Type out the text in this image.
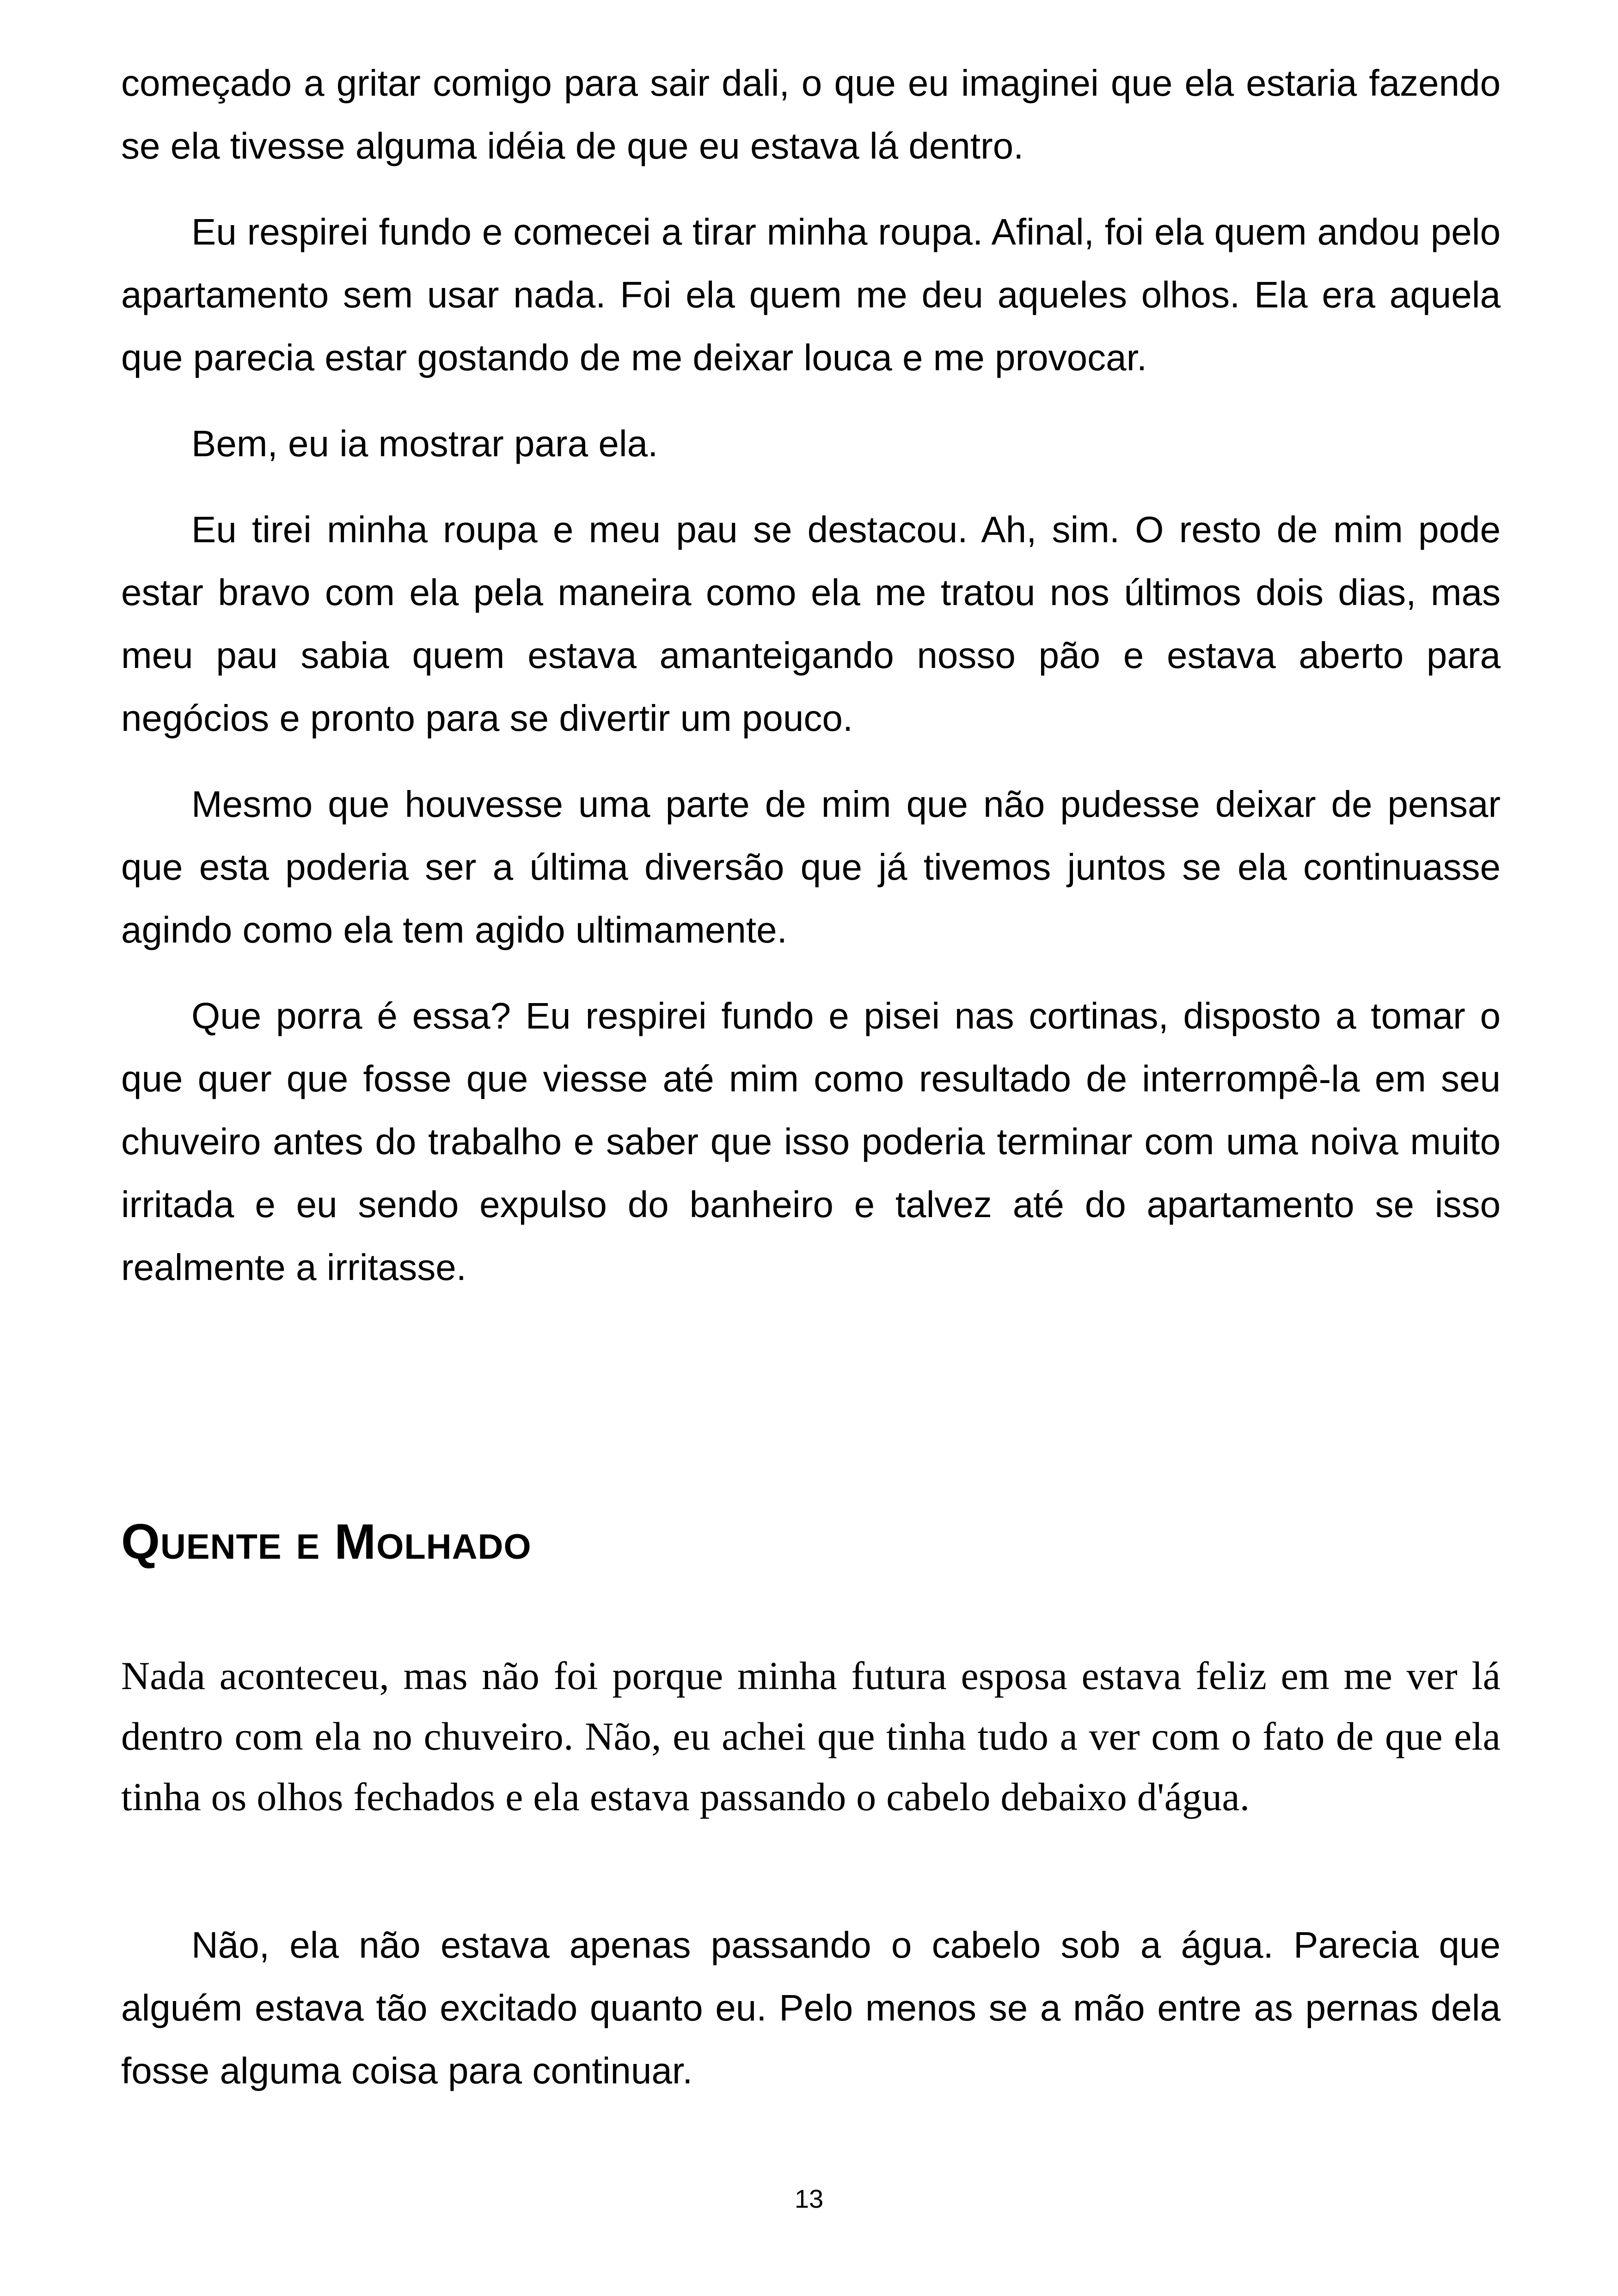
começado a gritar comigo para sair dali, o que eu imaginei que ela estaria fazendo se ela tivesse alguma idéia de que eu estava lá dentro.

Eu respirei fundo e comecei a tirar minha roupa. Afinal, foi ela quem andou pelo apartamento sem usar nada. Foi ela quem me deu aqueles olhos. Ela era aquela que parecia estar gostando de me deixar louca e me provocar.

Bem, eu ia mostrar para ela.

Eu tirei minha roupa e meu pau se destacou. Ah, sim. O resto de mim pode estar bravo com ela pela maneira como ela me tratou nos últimos dois dias, mas meu pau sabia quem estava amanteigando nosso pão e estava aberto para negócios e pronto para se divertir um pouco.

Mesmo que houvesse uma parte de mim que não pudesse deixar de pensar que esta poderia ser a última diversão que já tivemos juntos se ela continuasse agindo como ela tem agido ultimamente.

Que porra é essa? Eu respirei fundo e pisei nas cortinas, disposto a tomar o que quer que fosse que viesse até mim como resultado de interrompê-la em seu chuveiro antes do trabalho e saber que isso poderia terminar com uma noiva muito irritada e eu sendo expulso do banheiro e talvez até do apartamento se isso realmente a irritasse.

Quente e Molhado

Nada aconteceu, mas não foi porque minha futura esposa estava feliz em me ver lá dentro com ela no chuveiro. Não, eu achei que tinha tudo a ver com o fato de que ela tinha os olhos fechados e ela estava passando o cabelo debaixo d'água.

Não, ela não estava apenas passando o cabelo sob a água. Parecia que alguém estava tão excitado quanto eu. Pelo menos se a mão entre as pernas dela fosse alguma coisa para continuar.

13
